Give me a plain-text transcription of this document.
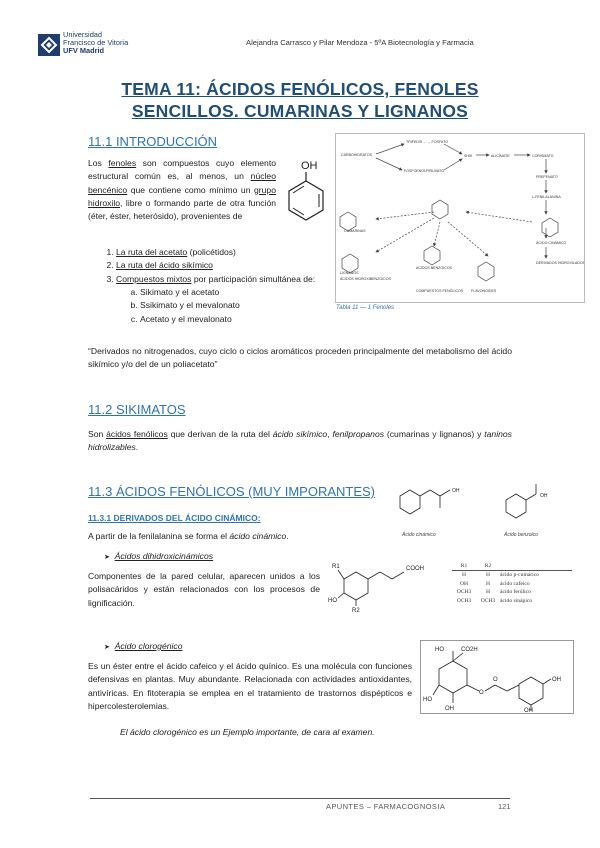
Universidad
Francisco de Vitoria
UFV Madrid
Alejandra Carrasco y Pilar Mendoza - 5ºA Biotecnología y Farmacia
TEMA 11: ÁCIDOS FENÓLICOS, FENOLES
SENCILLOS. CUMARINAS Y LIGNANOS
11.1 INTRODUCCIÓN
Los fenoles son compuestos cuyo elemento estructural común es, al menos, un núcleo bencénico que contiene como mínimo un grupo hidroxilo, libre o formando parte de otra función (éter, éster, heterósido), provenientes de
OH
1. La ruta del acetato (policétidos)
2. La ruta del ácido sikímico
3. Compuestos mixtos por participación simultánea de:
a. Sikimato y el acetato
b. Ssikimato y el mevalonato
c. Acetato y el mevalonato
TRIFEDSI ←→ FOSFATO
CARBOHIDRATOS
FOSFOENOLPIRUVATO
SHIK	ALICÍMATE	CORISMATO
PREFENATO
L-FENILALANINA
CUMARINAS
LIGNANOS
ACIDOS BENZOICOS
ÁCIDOS HIDROXIBENZOICOS
COMPUESTOS FENÓLICOS FLAVONOIDES
ÁCIDO CINÁMICO
DERIVADOS HIDROXILADOS
Tabla 11 — 1 Fenoles
“Derivados no nitrogenados, cuyo ciclo o ciclos aromáticos proceden principalmente del metabolismo del ácido sikímico y/o del de un poliacetato”
11.2 SIKIMATOS
Son ácidos fenólicos que derivan de la ruta del ácido sikímico, fenilpropanos (cumarinas y lignanos) y taninos hidrolizables.
11.3 ÁCIDOS FENÓLICOS (MUY IMPORANTES)	OH
OH
Ácido cinámico	Ácido benzoico
11.3.1 DERIVADOS DEL ÁCIDO CINÁMICO:
A partir de la fenilalanina se forma el ácido cinámico.
➤ Ácidos dihidroxicinámicos
Componentes de la pared celular, aparecen unidos a los polisacáridos y están relacionados con los procesos de lignificación.
COOH
HO
R1
R2
R1	R2
H	H	ácido p-cumárico
OH	H	ácido cafeico
OCH3	H	ácido ferúlico
OCH3	OCH3 ácido sinápico
➤ Ácido clorogénico
Es un éster entre el ácido cafeico y el ácido quínico. Es una molécula con funciones defensivas en plantas. Muy abundante. Relacionada con actividades antioxidantes, antivíricas. En fitoterapia se emplea en el tratamiento de trastornos dispépticos e hipercolesterolemias.
HO	CO2H
HO
OH
OH
O
O
OH
El ácido clorogénico es un Ejemplo importante, de cara al examen.
APUNTES – FARMACOGNOSIA	121
